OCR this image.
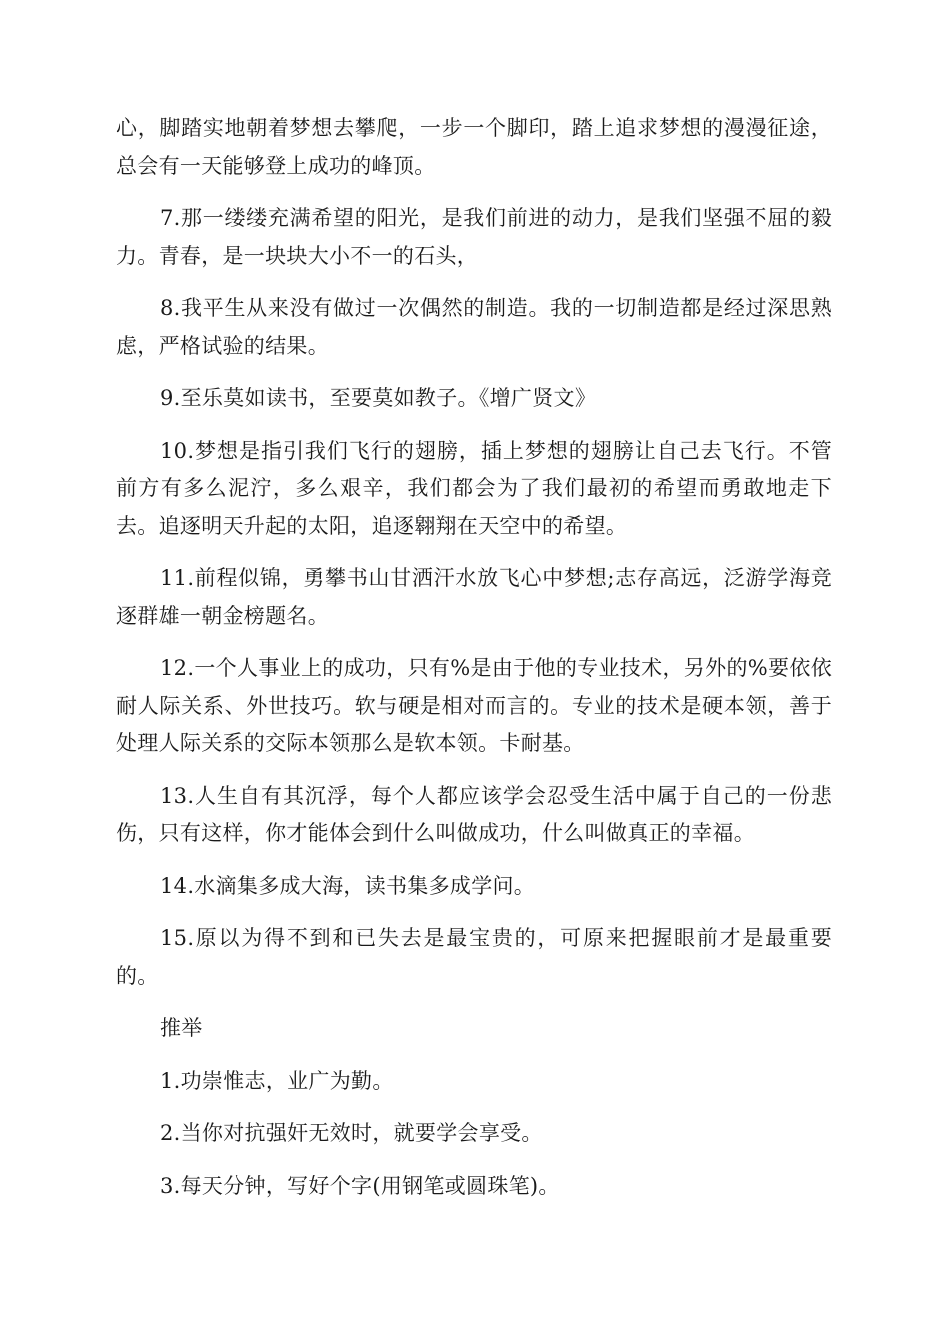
心，脚踏实地朝着梦想去攀爬，一步一个脚印，踏上追求梦想的漫漫征途，总会有一天能够登上成功的峰顶。

7.那一缕缕充满希望的阳光，是我们前进的动力，是我们坚强不屈的毅力。青春，是一块块大小不一的石头，

8.我平生从来没有做过一次偶然的制造。我的一切制造都是经过深思熟虑，严格试验的结果。

9.至乐莫如读书，至要莫如教子。《增广贤文》

10.梦想是指引我们飞行的翅膀，插上梦想的翅膀让自己去飞行。不管前方有多么泥泞，多么艰辛，我们都会为了我们最初的希望而勇敢地走下去。追逐明天升起的太阳，追逐翱翔在天空中的希望。

11.前程似锦，勇攀书山甘洒汗水放飞心中梦想;志存高远，泛游学海竞逐群雄一朝金榜题名。

12.一个人事业上的成功，只有%是由于他的专业技术，另外的%要依依耐人际关系、外世技巧。软与硬是相对而言的。专业的技术是硬本领，善于处理人际关系的交际本领那么是软本领。卡耐基。

13.人生自有其沉浮，每个人都应该学会忍受生活中属于自己的一份悲伤，只有这样，你才能体会到什么叫做成功，什么叫做真正的幸福。

14.水滴集多成大海，读书集多成学问。

15.原以为得不到和已失去是最宝贵的，可原来把握眼前才是最重要的。

推举

1.功崇惟志，业广为勤。

2.当你对抗强奸无效时，就要学会享受。

3.每天分钟，写好个字(用钢笔或圆珠笔)。
